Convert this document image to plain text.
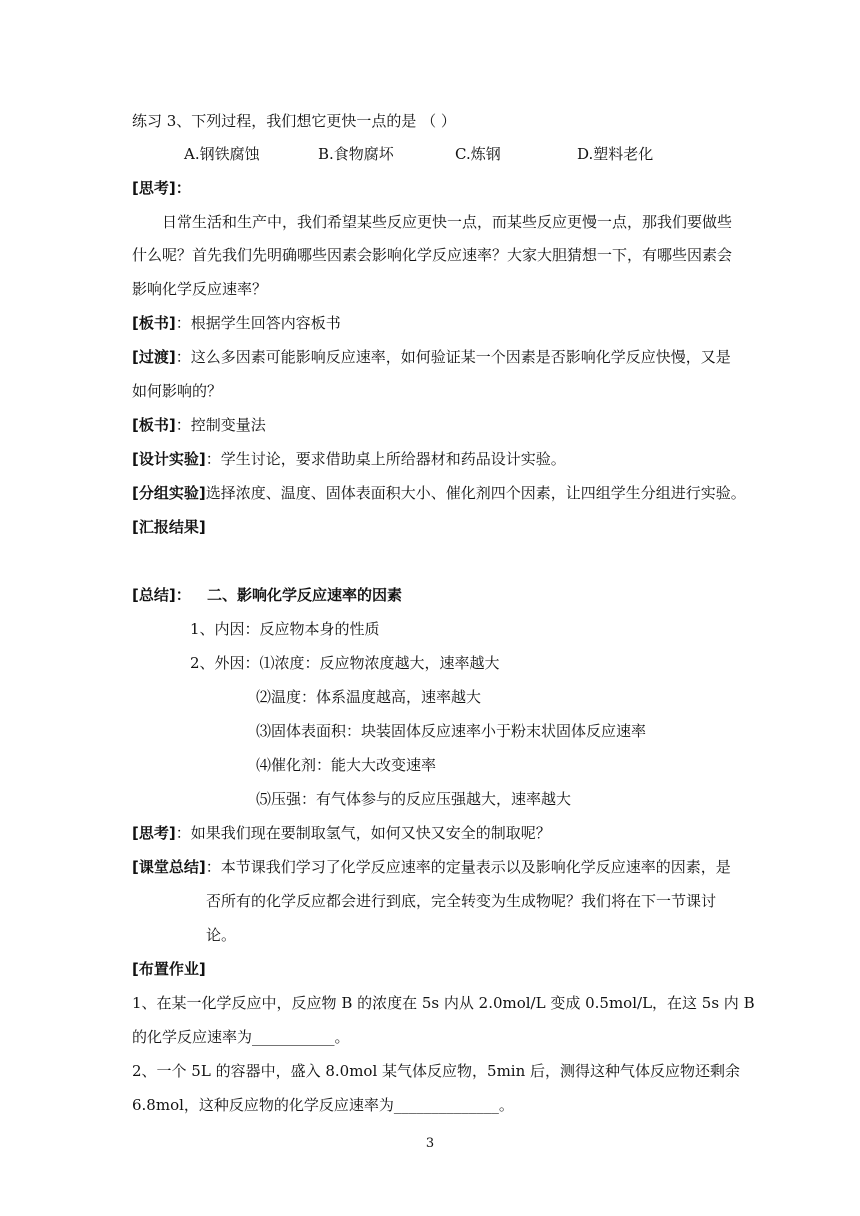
练习 3、下列过程，我们想它更快一点的是 （ ）
A.钢铁腐蚀	B.食物腐坏	C.炼钢	D.塑料老化
[思考]：
日常生活和生产中，我们希望某些反应更快一点，而某些反应更慢一点，那我们要做些
什么呢？首先我们先明确哪些因素会影响化学反应速率？大家大胆猜想一下，有哪些因素会
影响化学反应速率？
[板书]：根据学生回答内容板书
[过渡]：这么多因素可能影响反应速率，如何验证某一个因素是否影响化学反应快慢，又是
如何影响的？
[板书]：控制变量法
[设计实验]：学生讨论，要求借助桌上所给器材和药品设计实验。
[分组实验]选择浓度、温度、固体表面积大小、催化剂四个因素，让四组学生分组进行实验。
[汇报结果]
[总结]： 二、影响化学反应速率的因素
1、内因：反应物本身的性质
2、外因：⑴浓度：反应物浓度越大，速率越大
⑵温度：体系温度越高，速率越大
⑶固体表面积：块装固体反应速率小于粉末状固体反应速率
⑷催化剂：能大大改变速率
⑸压强：有气体参与的反应压强越大，速率越大
[思考]：如果我们现在要制取氢气，如何又快又安全的制取呢？
[课堂总结]：本节课我们学习了化学反应速率的定量表示以及影响化学反应速率的因素，是
否所有的化学反应都会进行到底，完全转变为生成物呢？我们将在下一节课讨
论。
[布置作业]
1、在某一化学反应中，反应物 B 的浓度在 5s 内从 2.0mol/L 变成 0.5mol/L，在这 5s 内 B
的化学反应速率为___________。
2、一个 5L 的容器中，盛入 8.0mol 某气体反应物，5min 后，测得这种气体反应物还剩余
6.8mol，这种反应物的化学反应速率为______________。
3
